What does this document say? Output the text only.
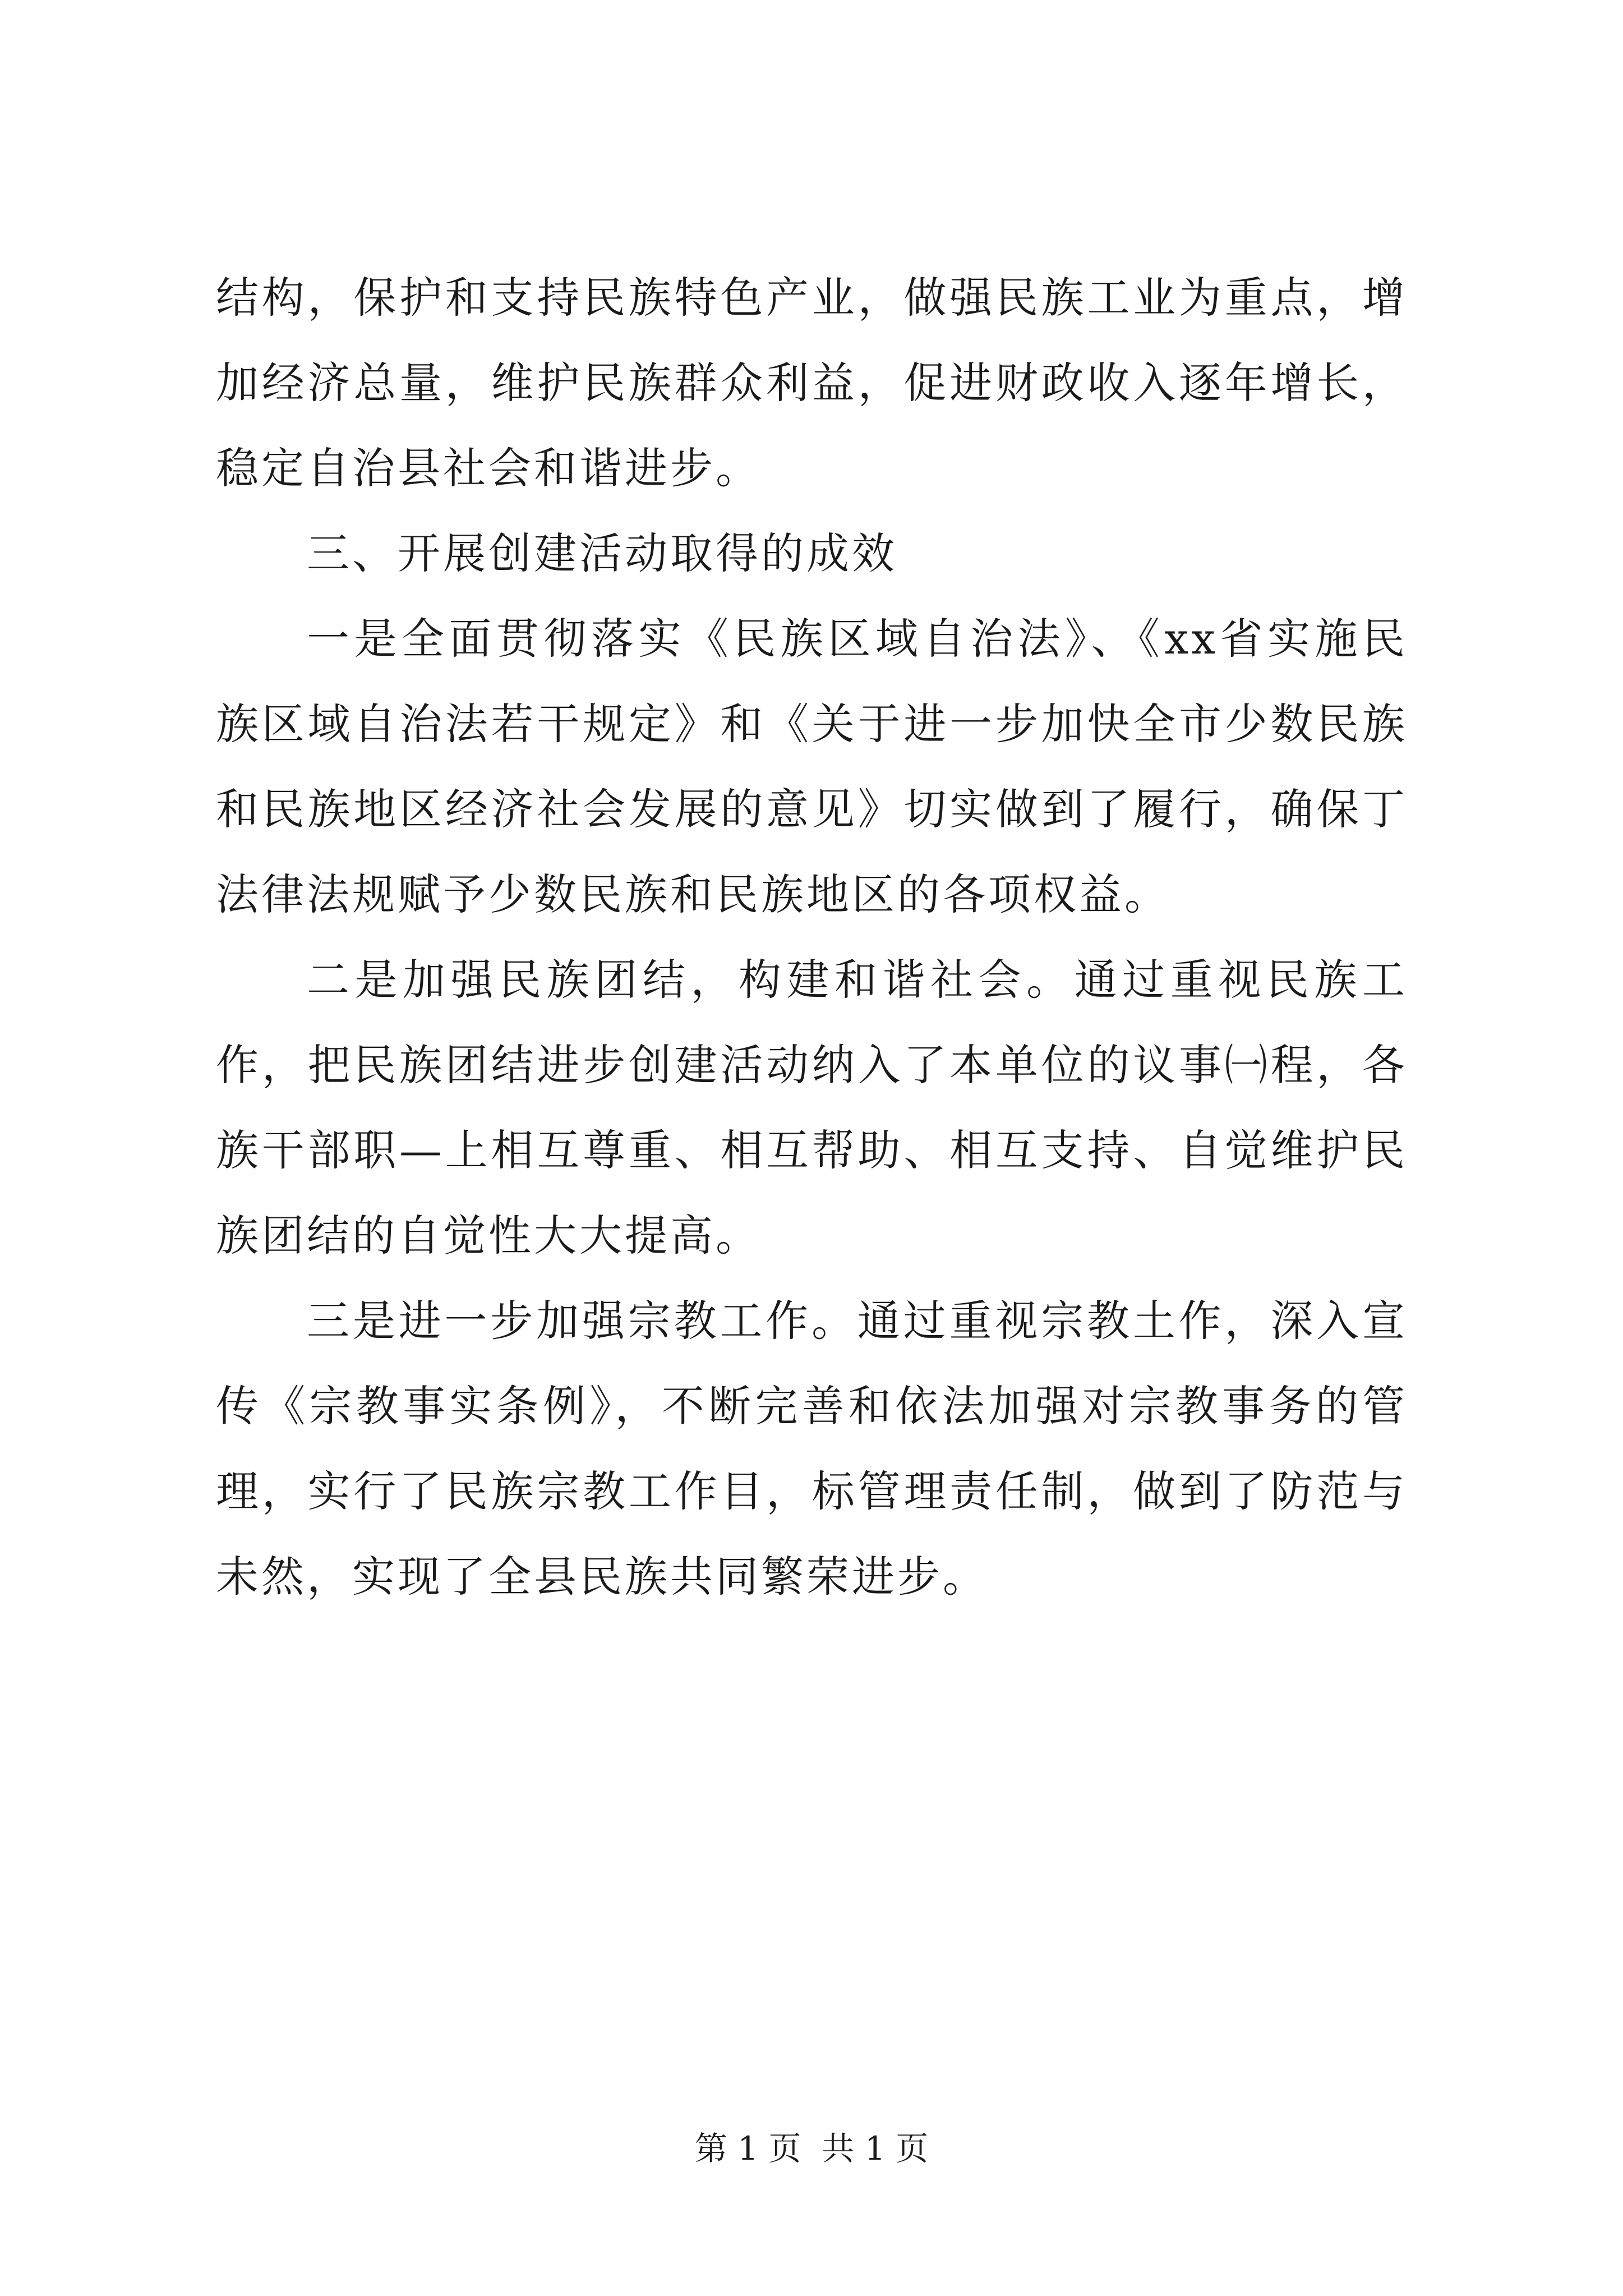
结构，保护和支持民族特色产业，做强民族工业为重点，增加经济总量，维护民族群众利益，促进财政收入逐年增长，稳定自治县社会和谐进步。

三、开展创建活动取得的成效

一是全面贯彻落实《民族区域自治法》、《xx省实施民族区域自治法若干规定》和《关于进一步加快全市少数民族和民族地区经济社会发展的意见》切实做到了履行，确保丁法律法规赋予少数民族和民族地区的各项权益。

二是加强民族团结，构建和谐社会。通过重视民族工作，把民族团结进步创建活动纳入了本单位的议事㈠程，各族干部职—上相互尊重、相互帮助、相互支持、自觉维护民族团结的自觉性大大提高。

三是进一步加强宗教工作。通过重视宗教土作，深入宣传《宗教事实条例》，不断完善和依法加强对宗教事务的管理，实行了民族宗教工作目，标管理责任制，做到了防范与未然，实现了全县民族共同繁荣进步。

第 1 页  共 1 页
